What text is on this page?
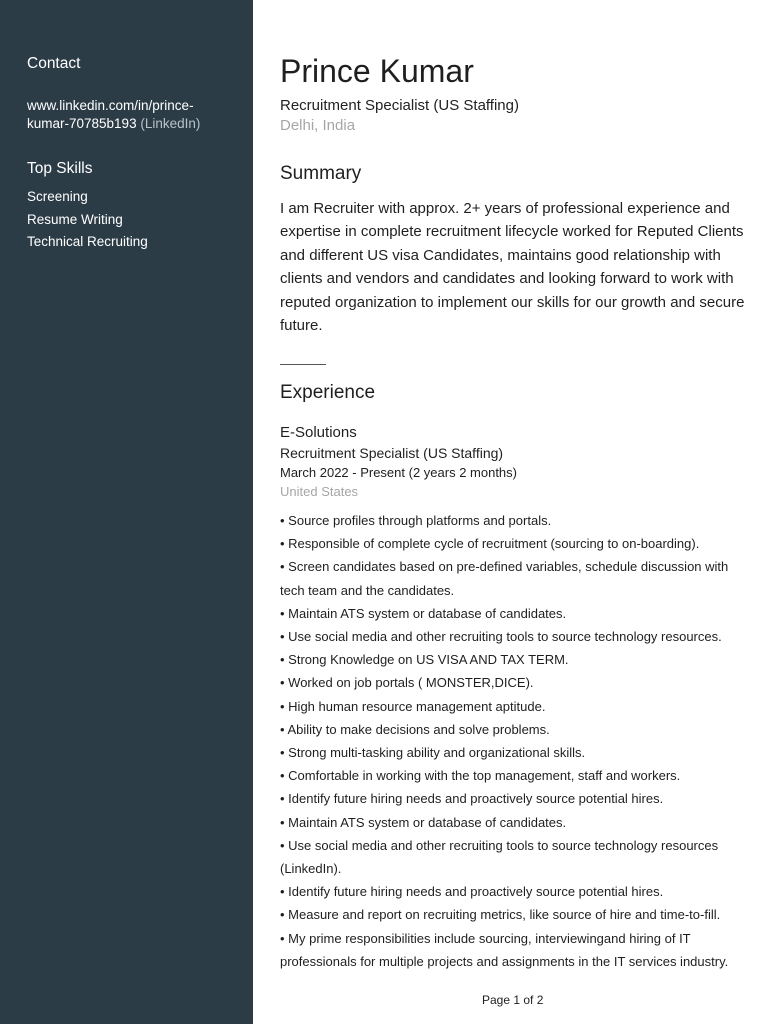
Contact
www.linkedin.com/in/prince-kumar-70785b193 (LinkedIn)
Top Skills
Screening
Resume Writing
Technical Recruiting
Prince Kumar
Recruitment Specialist (US Staffing)
Delhi, India
Summary

I am Recruiter with approx. 2+ years of professional experience and expertise in complete recruitment lifecycle worked for Reputed Clients and different US visa Candidates, maintains good relationship with clients and vendors and candidates and looking forward to work with reputed organization to implement our skills for our growth and secure future.

Experience
E-Solutions
Recruitment Specialist (US Staffing)
March 2022 - Present (2 years 2 months)
United States
• Source profiles through platforms and portals.
• Responsible of complete cycle of recruitment (sourcing to on-boarding).
• Screen candidates based on pre-defined variables, schedule discussion with tech team and the candidates.
• Maintain ATS system or database of candidates.
• Use social media and other recruiting tools to source technology resources.
• Strong Knowledge on US VISA AND TAX TERM.
• Worked on job portals ( MONSTER,DICE).
• High human resource management aptitude.
• Ability to make decisions and solve problems.
• Strong multi-tasking ability and organizational skills.
• Comfortable in working with the top management, staff and workers.
• Identify future hiring needs and proactively source potential hires.
• Maintain ATS system or database of candidates.
• Use social media and other recruiting tools to source technology resources (LinkedIn).
• Identify future hiring needs and proactively source potential hires.
• Measure and report on recruiting metrics, like source of hire and time-to-fill.
• My prime responsibilities include sourcing, interviewingand hiring of IT professionals for multiple projects and assignments in the IT services industry.
Page 1 of 2
